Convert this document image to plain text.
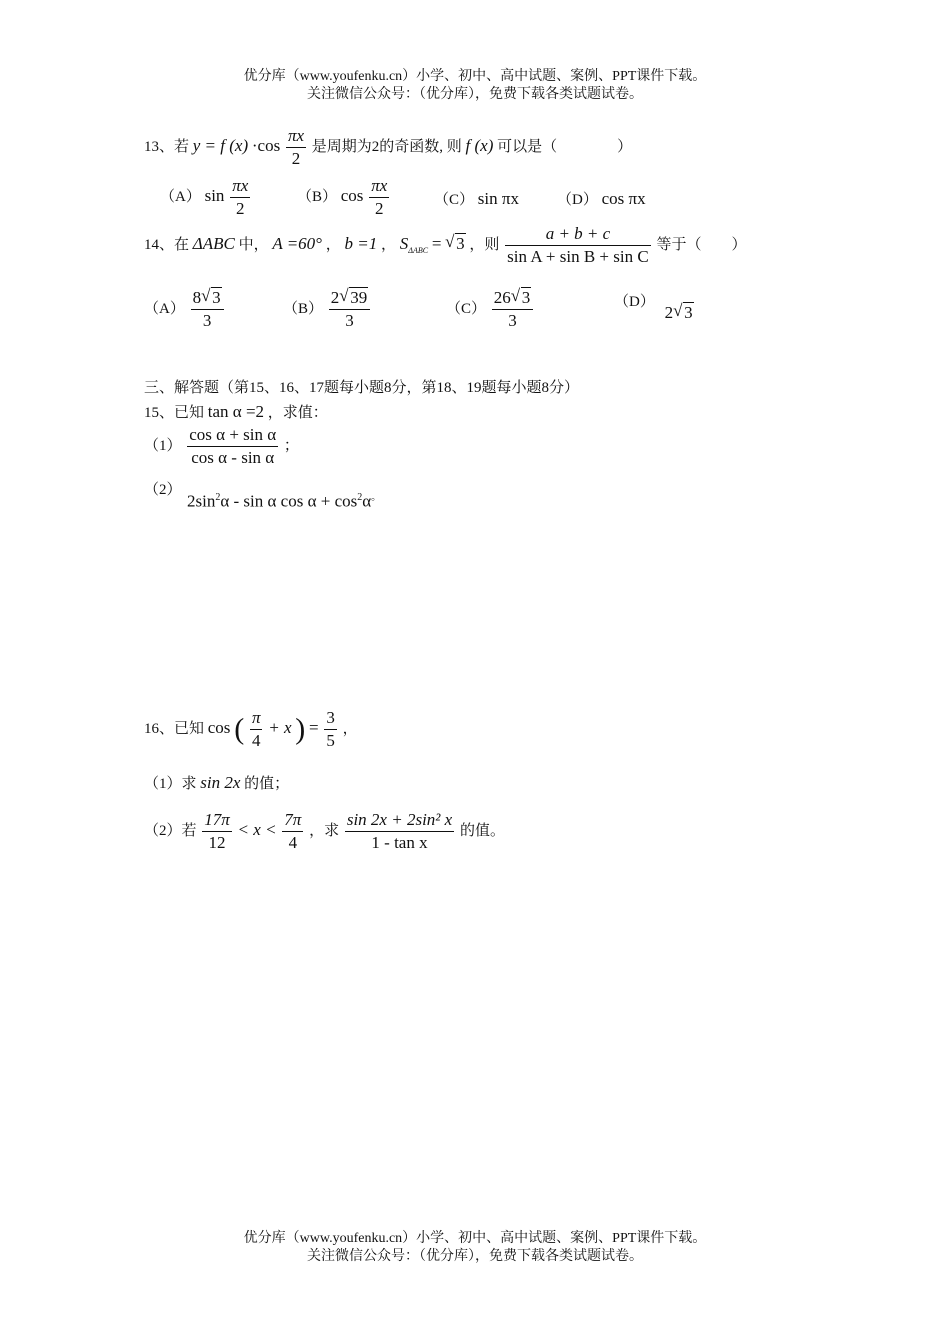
优分库（www.youfenku.cn）小学、初中、高中试题、案例、PPT课件下载。
关注微信公众号：（优分库），免费下载各类试题试卷。
13、若 y = f $(x) \cdot\cos \frac{\pi x}{2}$ 是周期为2的奇函数, 则 f (x) 可以是（　　　　）
（A） $\sin \frac{\pi x}{2}$	（B） $\cos \frac{\pi x}{2}$	（C） sin πx	（D） cos πx
14、在 ΔABC 中， A =60° ， b =1 ， $S_{\Delta ABC}$ = √ 3 ，则 $\frac{a + b + c}{\text{sin A + sin B + sin C}}$ 等于（　　）
$(A) \frac{8 √ 3}{3}$	$(B) \frac{2 √ 39}{3}$	$(C) \frac{26 √ 3}{3}$	（D） 2 √ 3
三、解答题（第15、16、17题每小题8分，第18、19题每小题8分）
15、已知 tan α =2 ，求值：
$(1) \frac{\text{cos α + sin α}}{\text{cos α - sin α}}$ ；
（2）
$2\sin^2\alpha$ - sin α $\cos \alpha + \cos^2\alpha^。$
16、已知 cos ( $\frac{\pi}{4} + x$ ) = $\frac{3}{5}$ ，
（1）求 sin 2x 的值；
（2）若 $\frac{17\pi}{12} < x < \frac{7\pi}{4}$ ，求 $\frac{\text{sin 2x + 2sin² x}}{\text{1 - tan x}}$ 的值。
优分库（www.youfenku.cn）小学、初中、高中试题、案例、PPT课件下载。
关注微信公众号：（优分库），免费下载各类试题试卷。
